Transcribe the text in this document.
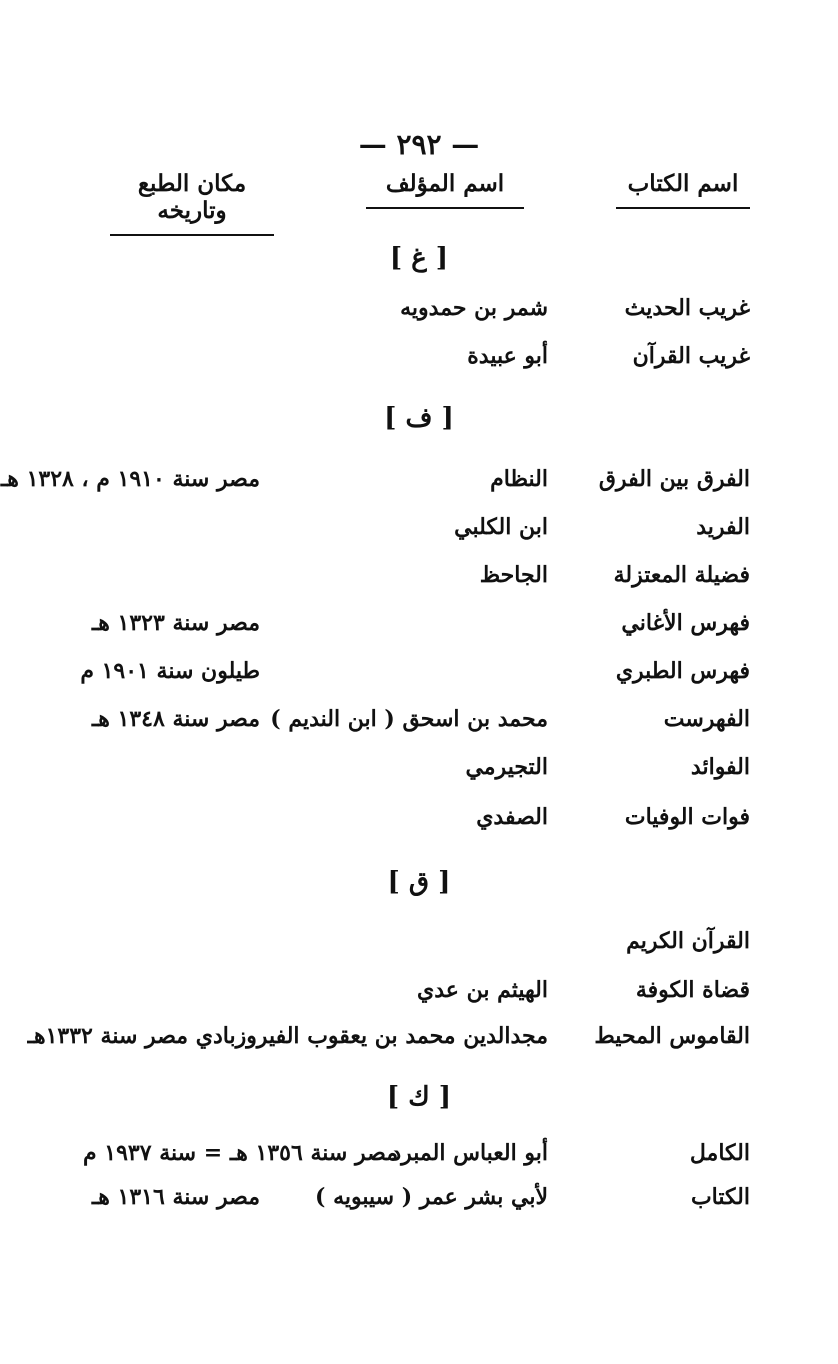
— ٢٩٢ —
اسم الكتاب
اسم المؤلف
مكان الطبع وتاريخه
[ غ ]
غريب الحديث
شمر بن حمدويه
غريب القرآن
أبو عبيدة
[ ف ]
الفرق بين الفرق
النظام
مصر سنة ١٩١٠ م ، ١٣٢٨ هـ
الفريد
ابن الكلبي
فضيلة المعتزلة
الجاحظ
فهرس الأغاني
مصر سنة ١٣٢٣ هـ
فهرس الطبري
طيلون سنة ١٩٠١ م
الفهرست
محمد بن اسحق ( ابن النديم )
مصر سنة ١٣٤٨ هـ
الفوائد
التجيرمي
فوات الوفيات
الصفدي
[ ق ]
القرآن الكريم
قضاة الكوفة
الهيثم بن عدي
القاموس المحيط
مجدالدين محمد بن يعقوب الفيروزبادي مصر سنة ١٣٣٢هـ
[ ك ]
الكامل
أبو العباس المبرد
مصر سنة ١٣٥٦ هـ = سنة ١٩٣٧ م
الكتاب
لأبي بشر عمر ( سيبويه )
مصر سنة ١٣١٦ هـ
